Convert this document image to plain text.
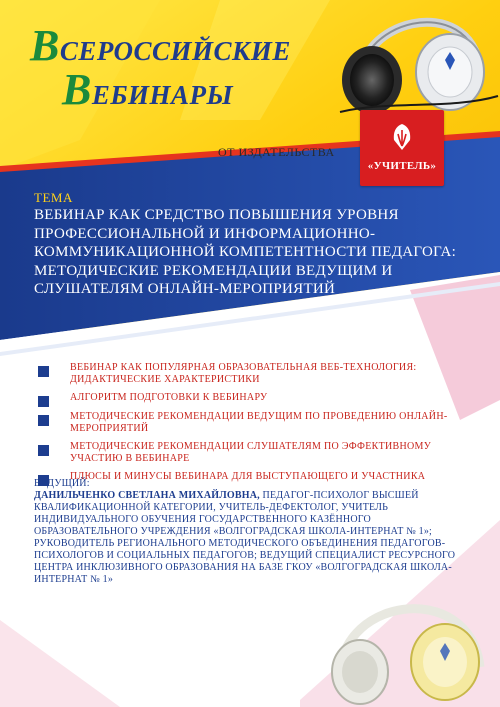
ВСЕРОССИЙСКИЕ
ВЕБИНАРЫ
ОТ ИЗДАТЕЛЬСТВА
«УЧИТЕЛЬ»
ТЕМА
ВЕБИНАР КАК СРЕДСТВО ПОВЫШЕНИЯ УРОВНЯ ПРОФЕССИОНАЛЬНОЙ И ИНФОРМАЦИОННО-КОММУНИКАЦИОННОЙ КОМПЕТЕНТНОСТИ ПЕДАГОГА: МЕТОДИЧЕСКИЕ РЕКОМЕНДАЦИИ ВЕДУЩИМ И СЛУШАТЕЛЯМ ОНЛАЙН-МЕРОПРИЯТИЙ
ВЕБИНАР КАК ПОПУЛЯРНАЯ ОБРАЗОВАТЕЛЬНАЯ ВЕБ-ТЕХНОЛОГИЯ: ДИДАКТИЧЕСКИЕ ХАРАКТЕРИСТИКИ
АЛГОРИТМ ПОДГОТОВКИ К ВЕБИНАРУ
МЕТОДИЧЕСКИЕ РЕКОМЕНДАЦИИ ВЕДУЩИМ ПО ПРОВЕДЕНИЮ ОНЛАЙН-МЕРОПРИЯТИЙ
МЕТОДИЧЕСКИЕ РЕКОМЕНДАЦИИ СЛУШАТЕЛЯМ ПО ЭФФЕКТИВНОМУ УЧАСТИЮ В ВЕБИНАРЕ
ПЛЮСЫ И МИНУСЫ ВЕБИНАРА ДЛЯ ВЫСТУПАЮЩЕГО И УЧАСТНИКА
ВЕДУЩИЙ:
ДАНИЛЬЧЕНКО СВЕТЛАНА МИХАЙЛОВНА, ПЕДАГОГ-ПСИХОЛОГ ВЫСШЕЙ КВАЛИФИКАЦИОННОЙ КАТЕГОРИИ, УЧИТЕЛЬ-ДЕФЕКТОЛОГ, УЧИТЕЛЬ ИНДИВИДУАЛЬНОГО ОБУЧЕНИЯ ГОСУДАРСТВЕННОГО КАЗЁННОГО ОБРАЗОВАТЕЛЬНОГО УЧРЕЖДЕНИЯ «ВОЛГОГРАДСКАЯ ШКОЛА-ИНТЕРНАТ № 1»; РУКОВОДИТЕЛЬ РЕГИОНАЛЬНОГО МЕТОДИЧЕСКОГО ОБЪЕДИНЕНИЯ ПЕДАГОГОВ-ПСИХОЛОГОВ И СОЦИАЛЬНЫХ ПЕДАГОГОВ; ВЕДУЩИЙ СПЕЦИАЛИСТ РЕСУРСНОГО ЦЕНТРА ИНКЛЮЗИВНОГО ОБРАЗОВАНИЯ НА БАЗЕ ГКОУ «ВОЛГОГРАДСКАЯ ШКОЛА-ИНТЕРНАТ № 1»
